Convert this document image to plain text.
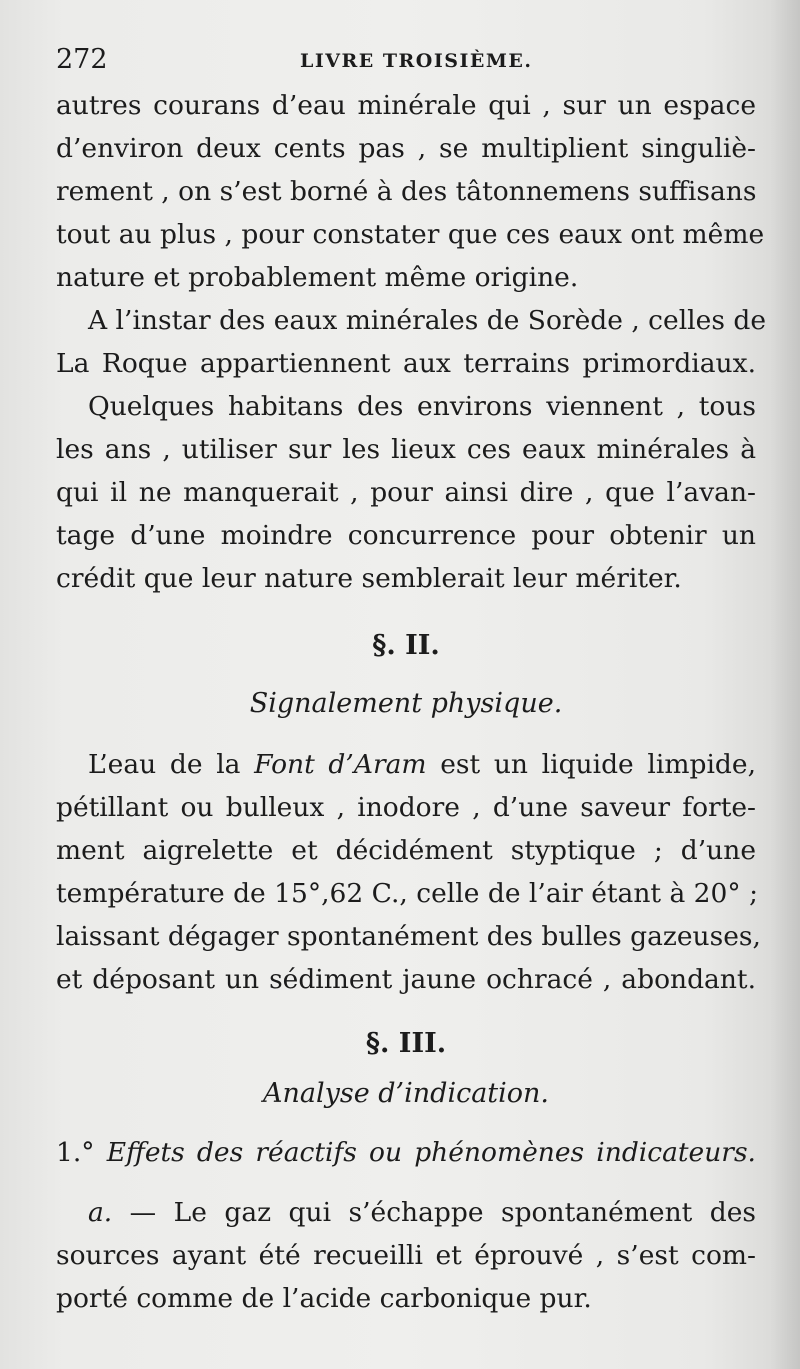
272	LIVRE TROISIÈME.
autres courans d’eau minérale qui , sur un espace
d’environ deux cents pas , se multiplient singuliè-
rement , on s’est borné à des tâtonnemens suffisans
tout au plus , pour constater que ces eaux ont même
nature et probablement même origine.
A l’instar des eaux minérales de Sorède , celles de
La Roque appartiennent aux terrains primordiaux.
Quelques habitans des environs viennent , tous
les ans , utiliser sur les lieux ces eaux minérales à
qui il ne manquerait , pour ainsi dire , que l’avan-
tage d’une moindre concurrence pour obtenir un
crédit que leur nature semblerait leur mériter.
§. II.
Signalement physique.
L’eau de la Font d’Aram est un liquide limpide,
pétillant ou bulleux , inodore , d’une saveur forte-
ment aigrelette et décidément styptique ; d’une
température de 15°,62 C., celle de l’air étant à 20° ;
laissant dégager spontanément des bulles gazeuses,
et déposant un sédiment jaune ochracé , abondant.
§. III.
Analyse d’indication.
1.° Effets des réactifs ou phénomènes indicateurs.
a. — Le gaz qui s’échappe spontanément des
sources ayant été recueilli et éprouvé , s’est com-
porté comme de l’acide carbonique pur.
